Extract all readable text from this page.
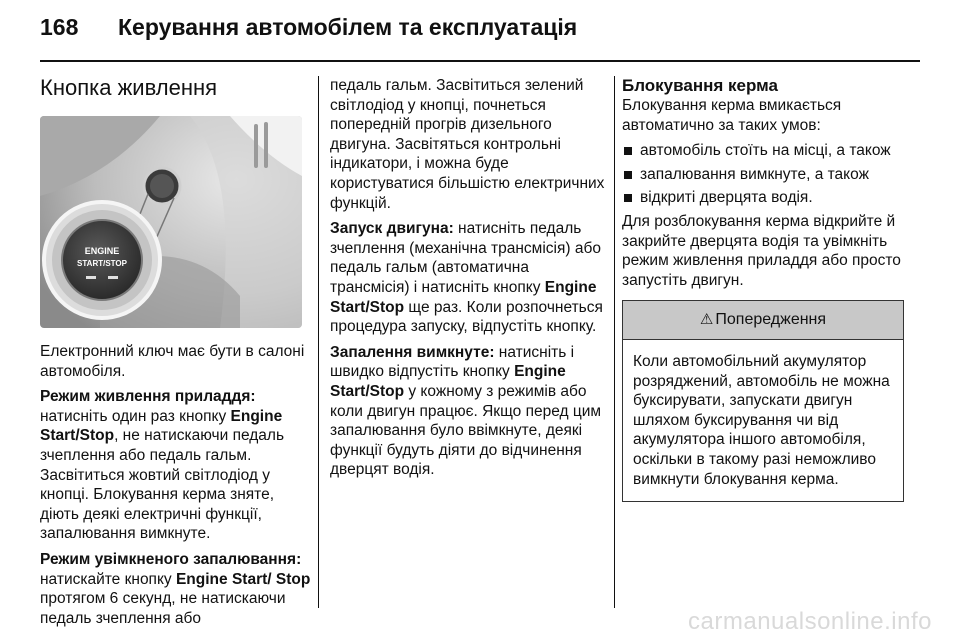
168 Керування автомобілем та експлуатація
Кнопка живлення
ENGINE
START/STOP

Електронний ключ має бути в салоні автомобіля.

Режим живлення приладдя: натисніть один раз кнопку Engine Start/Stop, не натискаючи педаль зчеплення або педаль гальм. Засвітиться жовтий світлодіод у кнопці. Блокування керма зняте, діють деякі електричні функції, запалювання вимкнуте.

Режим увімкненого запалювання: натискайте кнопку Engine Start/ Stop протягом 6 секунд, не натискаючи педаль зчеплення або

педаль гальм. Засвітиться зелений світлодіод у кнопці, почнеться попередній прогрів дизельного двигуна. Засвітяться контрольні індикатори, і можна буде користуватися більшістю електричних функцій.

Запуск двигуна: натисніть педаль зчеплення (механічна трансмісія) або педаль гальм (автоматична трансмісія) і натисніть кнопку Engine Start/Stop ще раз. Коли розпочнеться процедура запуску, відпустіть кнопку.

Запалення вимкнуте: натисніть і швидко відпустіть кнопку Engine Start/Stop у кожному з режимів або коли двигун працює. Якщо перед цим запалювання було ввімкнуте, деякі функції будуть діяти до відчинення дверцят водія.

Блокування керма

Блокування керма вмикається автоматично за таких умов:

автомобіль стоїть на місці, а також
запалювання вимкнуте, а також
відкриті дверцята водія.

Для розблокування керма відкрийте й закрийте дверцята водія та увімкніть режим живлення приладдя або просто запустіть двигун.

⚠ Попередження
Коли автомобільний акумулятор розряджений, автомобіль не можна буксирувати, запускати двигун шляхом буксирування чи від акумулятора іншого автомобіля, оскільки в такому разі неможливо вимкнути блокування керма.
carmanualsonline.info
